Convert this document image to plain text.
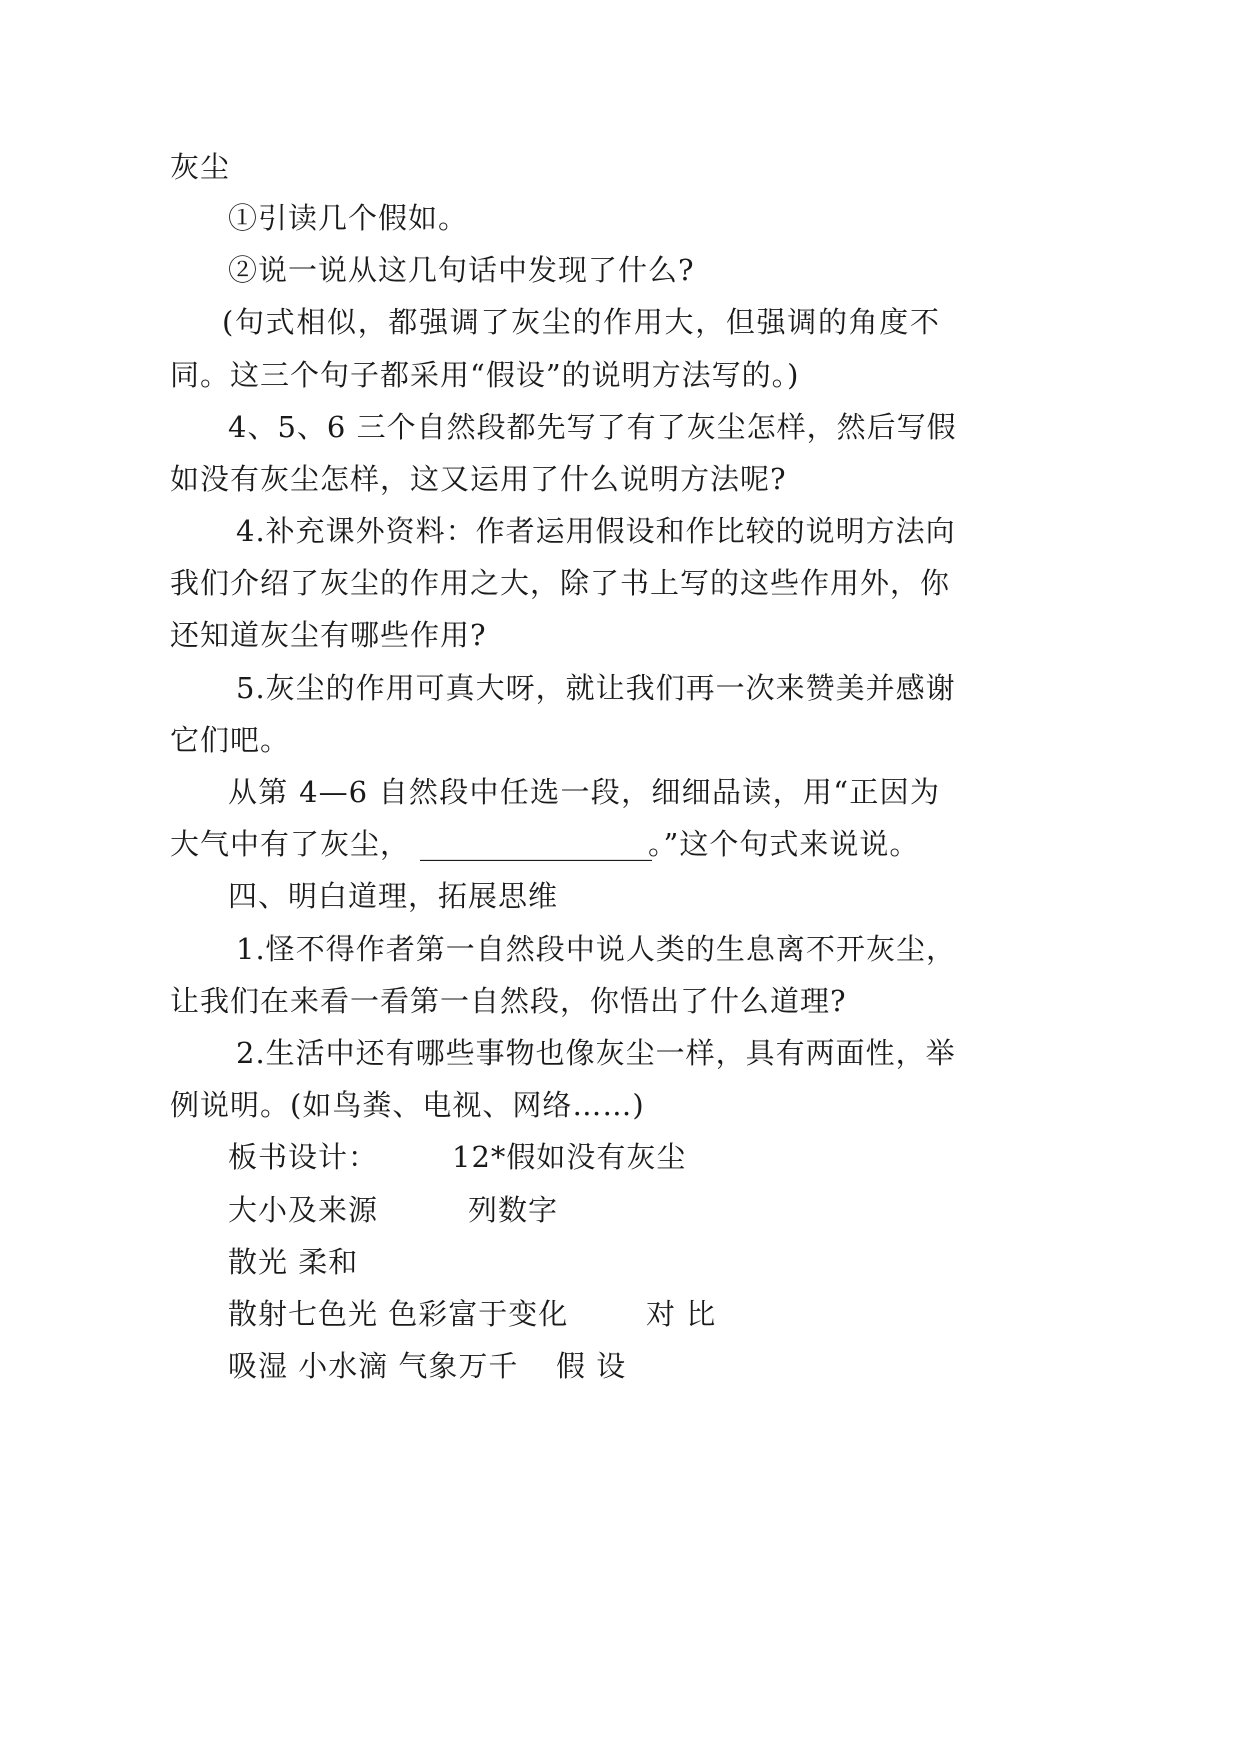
灰尘
①引读几个假如。
②说一说从这几句话中发现了什么?
(句式相似，都强调了灰尘的作用大，但强调的角度不
同。这三个句子都采用“假设”的说明方法写的。)
4、5、6 三个自然段都先写了有了灰尘怎样，然后写假
如没有灰尘怎样，这又运用了什么说明方法呢?
4.补充课外资料：作者运用假设和作比较的说明方法向
我们介绍了灰尘的作用之大，除了书上写的这些作用外，你
还知道灰尘有哪些作用?
5.灰尘的作用可真大呀，就让我们再一次来赞美并感谢
它们吧。
从第 4—6 自然段中任选一段，细细品读，用“正因为
大气中有了灰尘， ________________
。”这个句式来说说。
四、明白道理，拓展思维
1.怪不得作者第一自然段中说人类的生息离不开灰尘，
让我们在来看一看第一自然段，你悟出了什么道理?
2.生活中还有哪些事物也像灰尘一样，具有两面性，举
例说明。(如鸟粪、电视、网络……)
板书设计：	12*假如没有灰尘
大小及来源	列数字
散光 柔和
散射七色光 色彩富于变化	对 比
吸湿 小水滴 气象万千 假 设
